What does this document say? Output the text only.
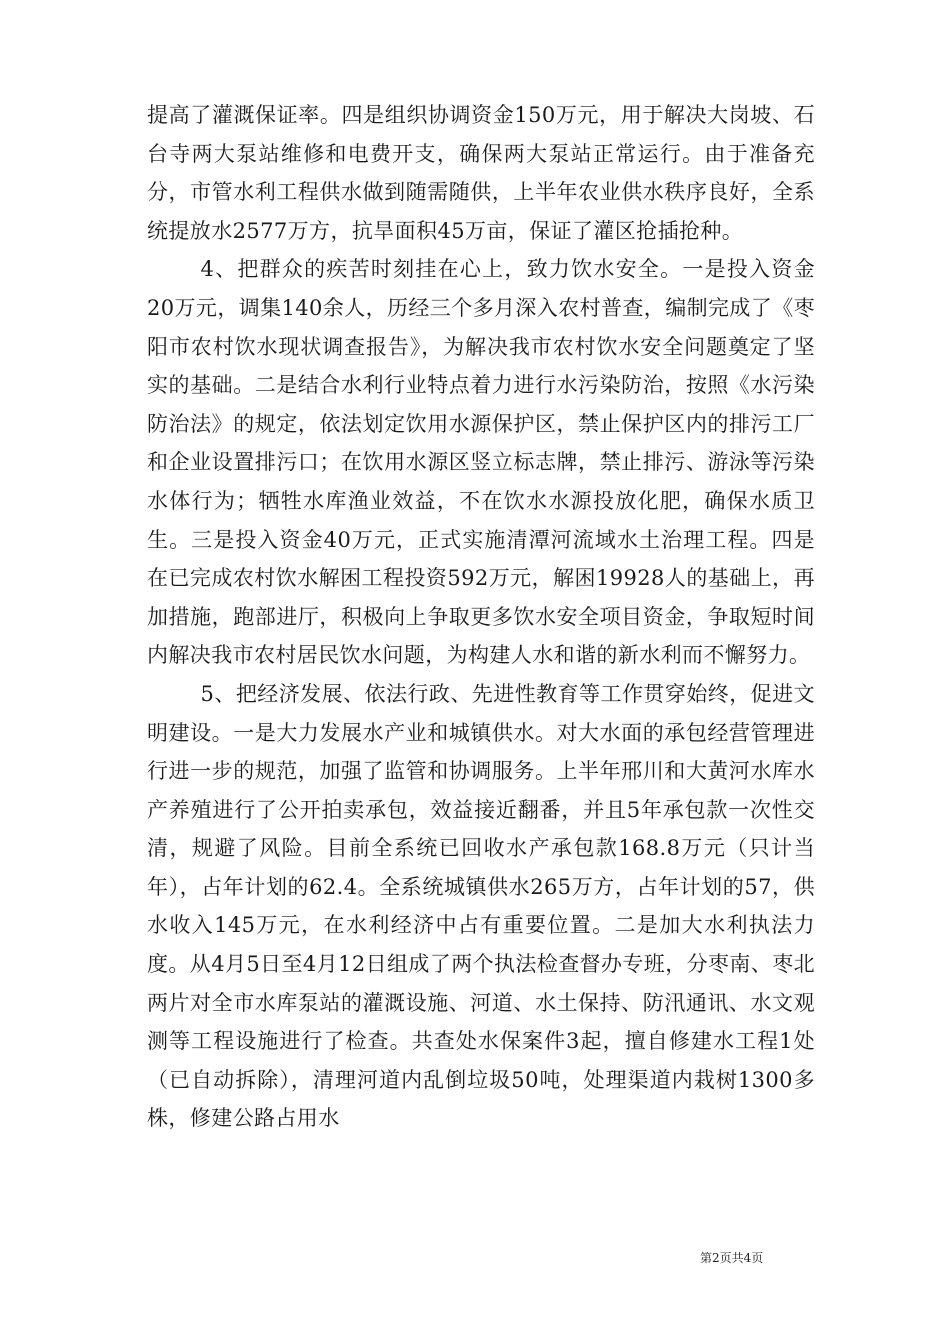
提高了灌溉保证率。四是组织协调资金150万元，用于解决大岗坡、石台寺两大泵站维修和电费开支，确保两大泵站正常运行。由于准备充分，市管水利工程供水做到随需随供，上半年农业供水秩序良好，全系统提放水2577万方，抗旱面积45万亩，保证了灌区抢插抢种。

4、把群众的疾苦时刻挂在心上，致力饮水安全。一是投入资金20万元，调集140余人，历经三个多月深入农村普查，编制完成了《枣阳市农村饮水现状调查报告》，为解决我市农村饮水安全问题奠定了坚实的基础。二是结合水利行业特点着力进行水污染防治，按照《水污染防治法》的规定，依法划定饮用水源保护区，禁止保护区内的排污工厂和企业设置排污口；在饮用水源区竖立标志牌，禁止排污、游泳等污染水体行为；牺牲水库渔业效益，不在饮水水源投放化肥，确保水质卫生。三是投入资金40万元，正式实施清潭河流域水土治理工程。四是在已完成农村饮水解困工程投资592万元，解困19928人的基础上，再加措施，跑部进厅，积极向上争取更多饮水安全项目资金，争取短时间内解决我市农村居民饮水问题，为构建人水和谐的新水利而不懈努力。

5、把经济发展、依法行政、先进性教育等工作贯穿始终，促进文明建设。一是大力发展水产业和城镇供水。对大水面的承包经营管理进行进一步的规范，加强了监管和协调服务。上半年邢川和大黄河水库水产养殖进行了公开拍卖承包，效益接近翻番，并且5年承包款一次性交清，规避了风险。目前全系统已回收水产承包款168.8万元（只计当年），占年计划的62.4。全系统城镇供水265万方，占年计划的57，供水收入145万元，在水利经济中占有重要位置。二是加大水利执法力度。从4月5日至4月12日组成了两个执法检查督办专班，分枣南、枣北两片对全市水库泵站的灌溉设施、河道、水土保持、防汛通讯、水文观测等工程设施进行了检查。共查处水保案件3起，擅自修建水工程1处（已自动拆除），清理河道内乱倒垃圾50吨，处理渠道内栽树1300多株，修建公路占用水

第2页共4页
